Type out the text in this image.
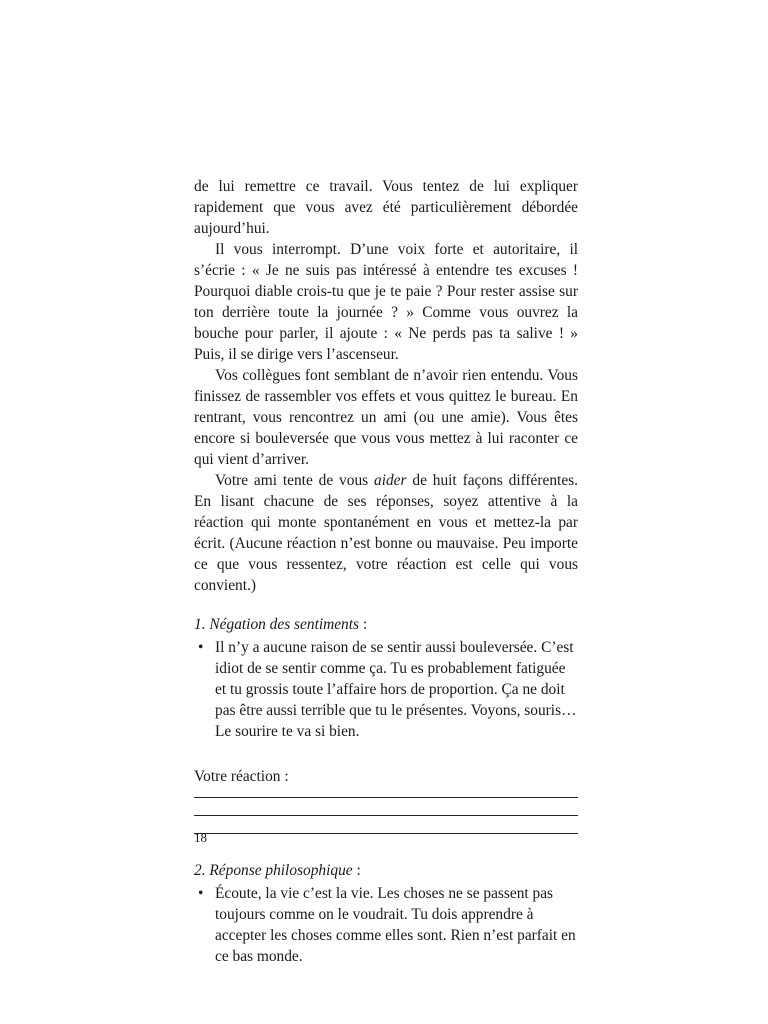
de lui remettre ce travail. Vous tentez de lui expliquer rapidement que vous avez été particulièrement débordée aujourd’hui.

Il vous interrompt. D’une voix forte et autoritaire, il s’écrie : « Je ne suis pas intéressé à entendre tes excuses ! Pourquoi diable crois-tu que je te paie ? Pour rester assise sur ton derrière toute la journée ? » Comme vous ouvrez la bouche pour parler, il ajoute : « Ne perds pas ta salive ! » Puis, il se dirige vers l’ascenseur.

Vos collègues font semblant de n’avoir rien entendu. Vous finissez de rassembler vos effets et vous quittez le bureau. En rentrant, vous rencontrez un ami (ou une amie). Vous êtes encore si bouleversée que vous vous mettez à lui raconter ce qui vient d’arriver.

Votre ami tente de vous aider de huit façons différentes. En lisant chacune de ses réponses, soyez attentive à la réaction qui monte spontanément en vous et mettez-la par écrit. (Aucune réaction n’est bonne ou mauvaise. Peu importe ce que vous ressentez, votre réaction est celle qui vous convient.)

1. Négation des sentiments :

• Il n’y a aucune raison de se sentir aussi bouleversée. C’est idiot de se sentir comme ça. Tu es probablement fatiguée et tu grossis toute l’affaire hors de proportion. Ça ne doit pas être aussi terrible que tu le présentes. Voyons, souris… Le sourire te va si bien.

Votre réaction :

2. Réponse philosophique :

• Écoute, la vie c’est la vie. Les choses ne se passent pas toujours comme on le voudrait. Tu dois apprendre à accepter les choses comme elles sont. Rien n’est parfait en ce bas monde.

18
